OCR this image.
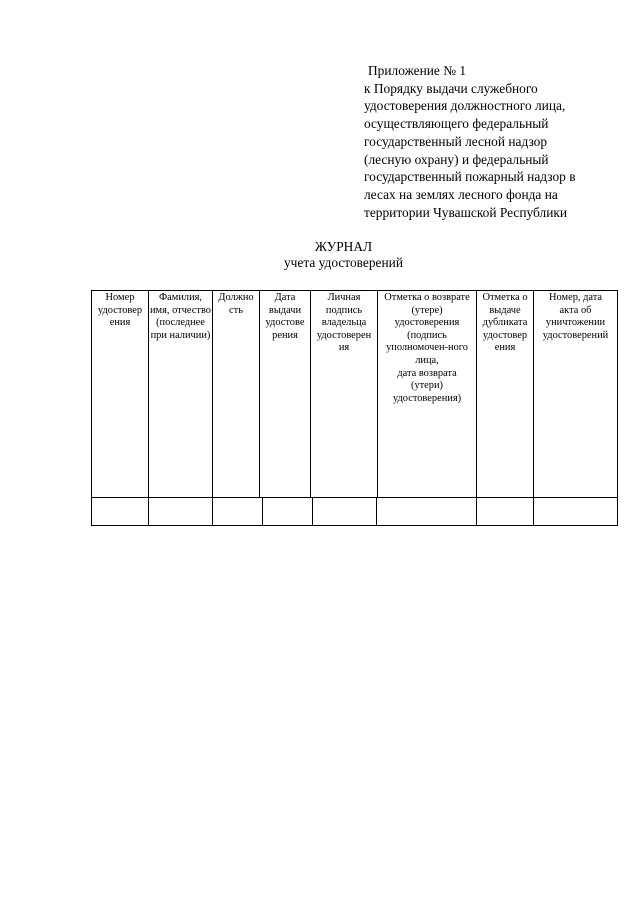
Приложение № 1
к Порядку выдачи служебного
удостоверения должностного лица,
осуществляющего федеральный
государственный лесной надзор
(лесную охрану) и федеральный
государственный пожарный надзор в
лесах на землях лесного фонда на
территории Чувашской Республики
ЖУРНАЛ
учета удостоверений
Номер
удостовер
ения
Фамилия,
имя, отчество
(последнее
при наличии)
Должно
сть
Дата
выдачи
удостове
рения
Личная
подпись
владельца
удостоверен
ия
Отметка о возврате
(утере)
удостоверения
(подпись
уполномочен-ного
лица,
дата возврата
(утери)
удостоверения)
Отметка о
выдаче
дубликата
удостовер
ения
Номер, дата
акта об
уничтожении
удостоверений
